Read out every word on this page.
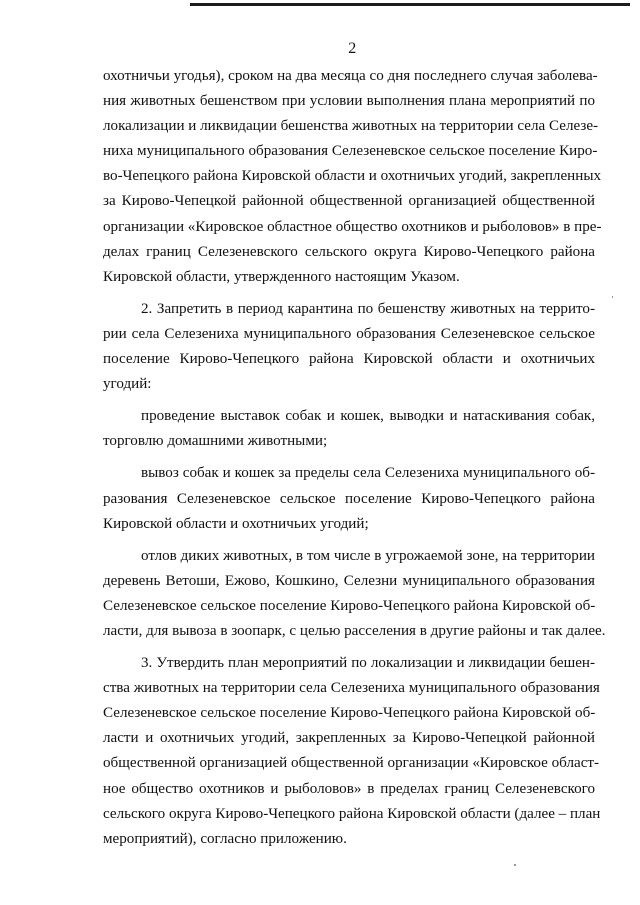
2
охотничьи угодья), сроком на два месяца со дня последнего случая заболева-
ния животных бешенством при условии выполнения плана мероприятий по
локализации и ликвидации бешенства животных на территории села Селезе-
ниха муниципального образования Селезеневское сельское поселение Киро-
во-Чепецкого района Кировской области и охотничьих угодий, закрепленных
за Кирово-Чепецкой районной общественной организацией общественной
организации «Кировское областное общество охотников и рыболовов» в пре-
делах границ Селезеневского сельского округа Кирово-Чепецкого района
Кировской области, утвержденного настоящим Указом.
2. Запретить в период карантина по бешенству животных на террито-
рии села Селезениха муниципального образования Селезеневское сельское
поселение Кирово-Чепецкого района Кировской области и охотничьих
угодий:
проведение выставок собак и кошек, выводки и натаскивания собак,
торговлю домашними животными;
вывоз собак и кошек за пределы села Селезениха муниципального об-
разования Селезеневское сельское поселение Кирово-Чепецкого района
Кировской области и охотничьих угодий;
отлов диких животных, в том числе в угрожаемой зоне, на территории
деревень Ветоши, Ежово, Кошкино, Селезни муниципального образования
Селезеневское сельское поселение Кирово-Чепецкого района Кировской об-
ласти, для вывоза в зоопарк, с целью расселения в другие районы и так далее.
3. Утвердить план мероприятий по локализации и ликвидации бешен-
ства животных на территории села Селезениха муниципального образования
Селезеневское сельское поселение Кирово-Чепецкого района Кировской об-
ласти и охотничьих угодий, закрепленных за Кирово-Чепецкой районной
общественной организацией общественной организации «Кировское област-
ное общество охотников и рыболовов» в пределах границ Селезеневского
сельского округа Кирово-Чепецкого района Кировской области (далее – план
мероприятий), согласно приложению.
